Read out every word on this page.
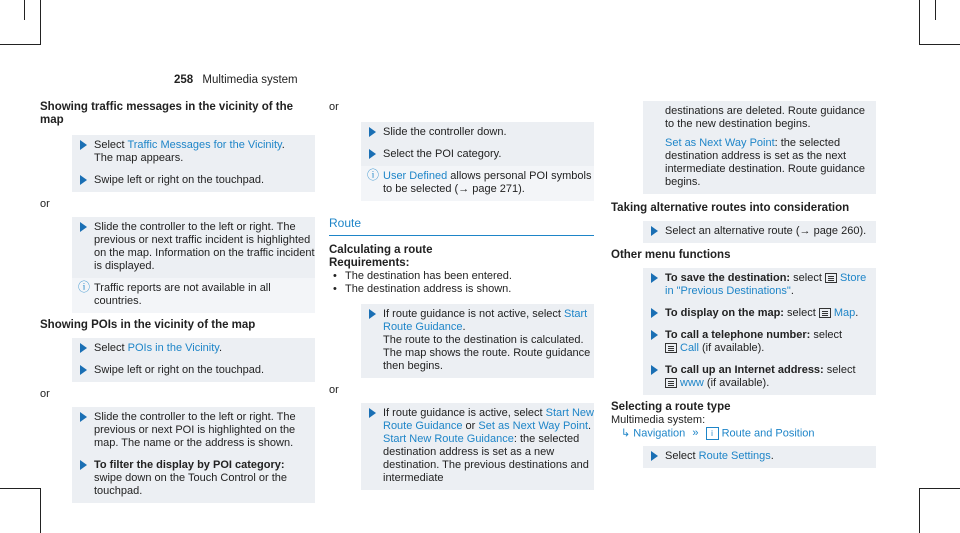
258 Multimedia system
Showing traffic messages in the vicinity of the map
Select Traffic Messages for the Vicinity.
The map appears.
Swipe left or right on the touchpad.
or
Slide the controller to the left or right. The previous or next traffic incident is highlighted on the map. Information on the traffic incident is displayed.
ⓘ Traffic reports are not available in all countries.
Showing POIs in the vicinity of the map
Select POIs in the Vicinity.
Swipe left or right on the touchpad.
or
Slide the controller to the left or right. The previous or next POI is highlighted on the map. The name or the address is shown.
To filter the display by POI category: swipe down on the Touch Control or the touchpad.
or
Slide the controller down.
Select the POI category.
ⓘ User Defined allows personal POI symbols to be selected (→ page 271).
Route
Calculating a route
Requirements:
• The destination has been entered.
• The destination address is shown.
If route guidance is not active, select Start Route Guidance.
The route to the destination is calculated. The map shows the route. Route guidance then begins.
or
If route guidance is active, select Start New Route Guidance or Set as Next Way Point.
Start New Route Guidance: the selected destination address is set as a new destination. The previous destinations and intermediate
destinations are deleted. Route guidance to the new destination begins.

Set as Next Way Point: the selected destination address is set as the next intermediate destination. Route guidance begins.
Taking alternative routes into consideration
Select an alternative route (→ page 260).
Other menu functions
To save the destination: select Store in "Previous Destinations".
To display on the map: select Map.
To call a telephone number: select
Call (if available).
To call up an Internet address: select
www (if available).
Selecting a route type
Multimedia system:
↳ Navigation » i Route and Position
Select Route Settings.
